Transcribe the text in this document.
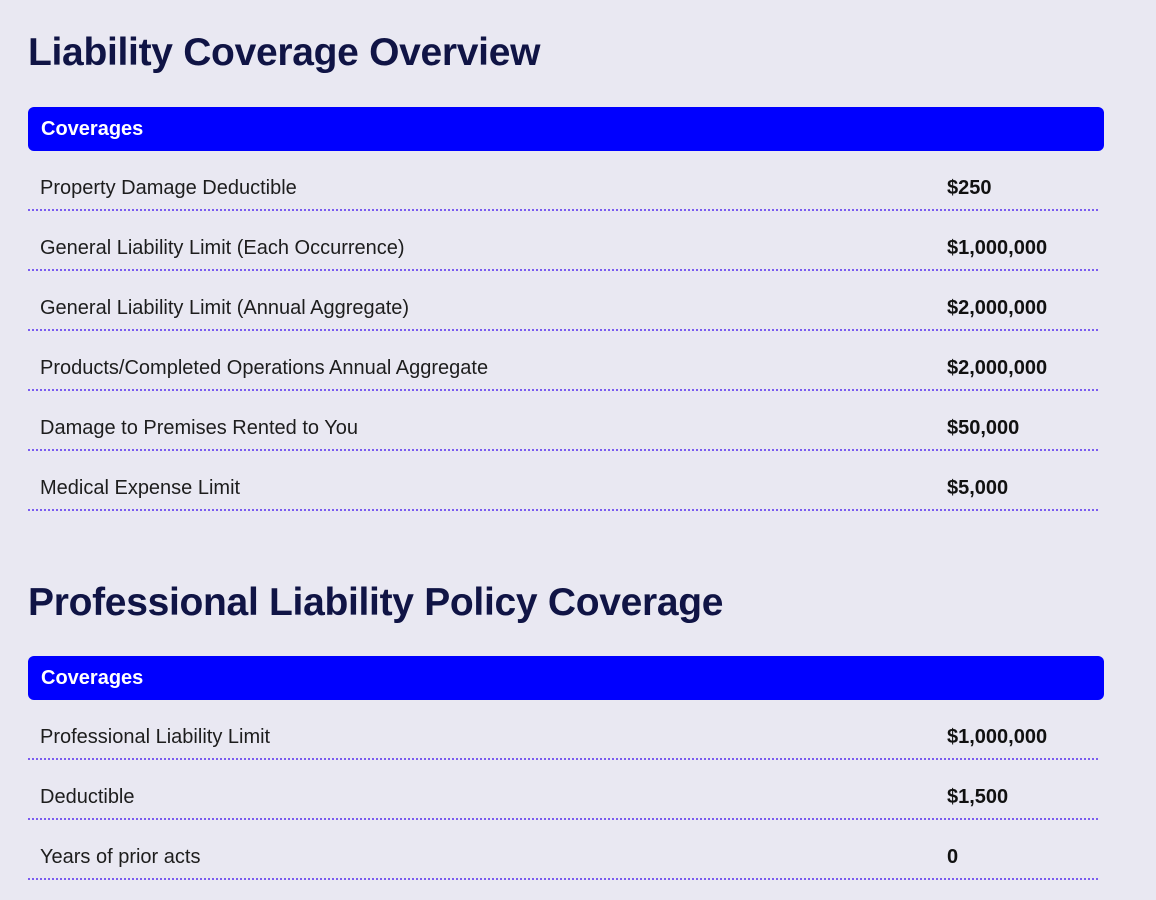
Liability Coverage Overview
Coverages
Property Damage Deductible	$250
General Liability Limit (Each Occurrence)	$1,000,000
General Liability Limit (Annual Aggregate)	$2,000,000
Products/Completed Operations Annual Aggregate	$2,000,000
Damage to Premises Rented to You	$50,000
Medical Expense Limit	$5,000
Professional Liability Policy Coverage
Coverages
Professional Liability Limit	$1,000,000
Deductible	$1,500
Years of prior acts	0
